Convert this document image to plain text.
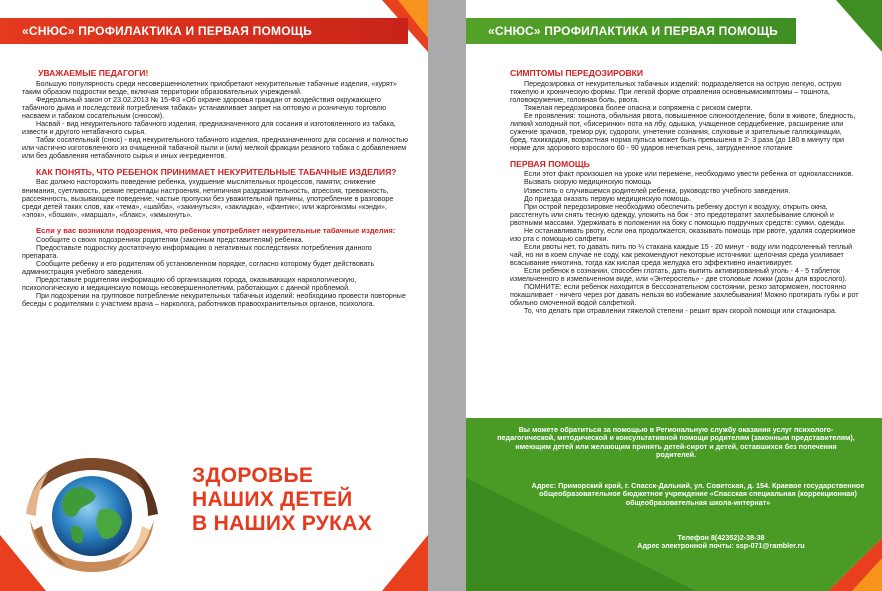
«СНЮС» ПРОФИЛАКТИКА И ПЕРВАЯ ПОМОЩЬ
УВАЖАЕМЫЕ ПЕДАГОГИ!

Большую популярность среди несовершеннолетних приобретают некурительные табачные изделия, «курят» таким образом подростки везде, включая территории образовательных учреждений.

Федеральный закон от 23.02.2013 № 15-ФЗ «Об охране здоровья граждан от воздействия окружающего табачного дыма и последствий потребления табака» устанавливает запрет на оптовую и розничную торговлю насваем и табаком сосательным (снюсом).

Насвай - вид некурительного табачного изделия, предназначенного для сосания и изготовленного из табака, извести и другого нетабачного сырья.

Табак сосательный (снюс) - вид некурительного табачного изделия, предназначенного для сосания и полностью или частично изготовленного из очищенной табачной пыли и (или) мелкой фракции резаного табака с добавлением или без добавления нетабачного сырья и иных ингредиентов.

КАК ПОНЯТЬ, ЧТО РЕБЕНОК ПРИНИМАЕТ НЕКУРИТЕЛЬНЫЕ ТАБАЧНЫЕ ИЗДЕЛИЯ?

Вас должно насторожить поведение ребенка, ухудшение мыслительных процессов, памяти; снижение внимания, суетливость, резкие перепады настроения, нетипичная раздражительность, агрессия, тревожность, рассеянность, вызывающее поведение, частые пропуски без уважительной причины, употребление в разговоре среди детей таких слов, как «тема», «шайба», «закинуться», «закладка», «фантик»; или жаргонизмы «кэнди», «эпок», «бошки», «маршал», «блакс», «жмыхнуть».

Если у вас возникли подозрения, что ребенок употребляет некурительные табачные изделия:

Сообщите о своих подозрениях родителям (законным представителям) ребенка.

Предоставьте подростку достаточную информацию о негативных последствиях потребления данного препарата.

Сообщите ребенку и его родителям об установленном порядке, согласно которому будет действовать администрация учебного заведения.

Предоставьте родителям информацию об организациях города, оказывающих наркологическую, психологическую и медицинскую помощь несовершеннолетним, работающих с данной проблемой.

При подозрении на групповое потребление некурительных табачных изделий: необходимо провести повторные беседы с родителями с участием врача – нарколога, работников правоохранительных органов, психолога.

ЗДОРОВЬЕ
НАШИХ ДЕТЕЙ
В НАШИХ РУКАХ
«СНЮС» ПРОФИЛАКТИКА И ПЕРВАЯ ПОМОЩЬ
СИМПТОМЫ ПЕРЕДОЗИРОВКИ

Передозировка от некурительных табачных изделий: подразделяется на острую легкую, острую тяжелую и хроническую формы. При легкой форме отравления основнымисимптомы – тошнота, головокружение, головная боль, рвота.

Тяжелая передозировка более опасна и сопряжена с риском смерти.

Ее проявления: тошнота, обильная рвота, повышенное слюноотделение, боли в животе, бледность, липкий холодный пот, «бисеринки» пота на лбу, одышка, учащенное сердцебиение, расширение или сужение зрачков, тремор рук, судороги, угнетение сознания, слуховые и зрительные галлюцинации, бред, тахикардия, возрастная норма пульса может быть превышена в 2- 3 раза (до 180 в минуту при норме для здорового взрослого 60 - 90 ударов нечеткая речь, затрудненное глотание

ПЕРВАЯ ПОМОЩЬ

Если этот факт произошел на уроке или перемене, необходимо увести ребенка от одноклассников.

Вызвать скорую медицинскую помощь

Известить о случившемся родителей ребенка, руководство учебного заведения.

До приезда оказать первую медицинскую помощь.

При острой передозировке необходимо обеспечить ребенку доступ к воздуху, открыть окна, расстегнуть или снять тесную одежду, уложить на бок - это предотвратит захлебывание слюной и рвотными массами. Удерживать в положении на боку с помощью подручных средств: сумки, одежды.

Не останавливать рвоту, если она продолжается, оказывать помощь при рвоте, удаляя содержимое изо рта с помощью салфетки.

Если рвоты нет, то давать пить по ¼ стакана каждые 15 - 20 минут - воду или подсоленный теплый чай, но ни в коем случае не соду, как рекомендуют некоторые источники: щелочная среда усиливает всасывание никотина, тогда как кислая среда желудка его эффективно инактивирует.

Если ребенок в сознании, способен глотать, дать выпить активированный уголь - 4 - 5 таблеток измельченного в измельченном виде, или «Энтеросгель» - две столовые ложки (дозы для взрослого).

ПОМНИТЕ: если ребенок находится в бессознательном состоянии, резко заторможен, постоянно покашливает - ничего через рот давать нельзя во избежание захлебывания! Можно протирать губы и рот обильно смоченной водой салфеткой.

То, что делать при отравлении тяжелой степени - решит врач скорой помощи или стационара.

Вы можете обратиться за помощью в Региональную службу оказания услуг психолого-педагогической, методической и консультативной помощи родителям (законным представителям), имеющим детей или желающим принять детей-сирот и детей, оставшихся без попечения родителей.

Адрес: Приморский край, г. Спасск-Дальний, ул. Советская, д. 154. Краевое государственное общеобразовательное бюджетное учреждение «Спасская специальная (коррекционная) общеобразовательная школа-интернат»

Телефон 8(42352)2-38-38

Адрес электронной почты: ssp-071@rambler.ru
